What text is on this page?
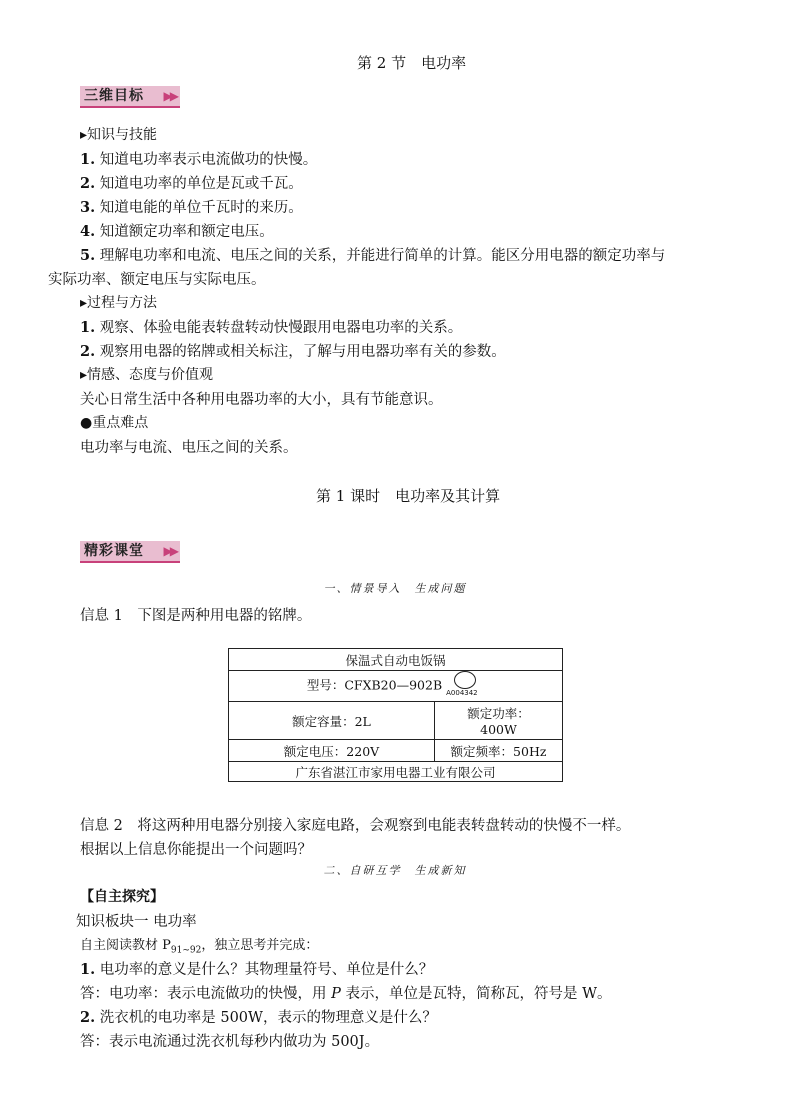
第 2 节　电功率
三维目标 ▶▶
▸知识与技能
1. 知道电功率表示电流做功的快慢。
2. 知道电功率的单位是瓦或千瓦。
3. 知道电能的单位千瓦时的来历。
4. 知道额定功率和额定电压。
5. 理解电功率和电流、电压之间的关系，并能进行简单的计算。能区分用电器的额定功率与
实际功率、额定电压与实际电压。
▸过程与方法
1. 观察、体验电能表转盘转动快慢跟用电器电功率的关系。
2. 观察用电器的铭牌或相关标注，了解与用电器功率有关的参数。
▸情感、态度与价值观
关心日常生活中各种用电器功率的大小，具有节能意识。
●重点难点
电功率与电流、电压之间的关系。
第 1 课时　电功率及其计算
精彩课堂 ▶▶
一、情景导入　生成问题
信息 1　下图是两种用电器的铭牌。
保温式自动电饭锅	
型号：CFXB20—902B
A004342	

额定容量：2L	额定功率：
400W

额定电压：220V	额定频率：50Hz
广东省湛江市家用电器工业有限公司	
信息 2　将这两种用电器分别接入家庭电路，会观察到电能表转盘转动的快慢不一样。
根据以上信息你能提出一个问题吗？
二、自研互学　生成新知
【自主探究】
知识板块一 电功率
自主阅读教材 $P_{91\sim 92}$，独立思考并完成：
1. 电功率的意义是什么？其物理量符号、单位是什么？
答：电功率：表示电流做功的快慢，用 P 表示，单位是瓦特，简称瓦，符号是 W。
2. 洗衣机的电功率是 500W，表示的物理意义是什么？
答：表示电流通过洗衣机每秒内做功为 500J。
